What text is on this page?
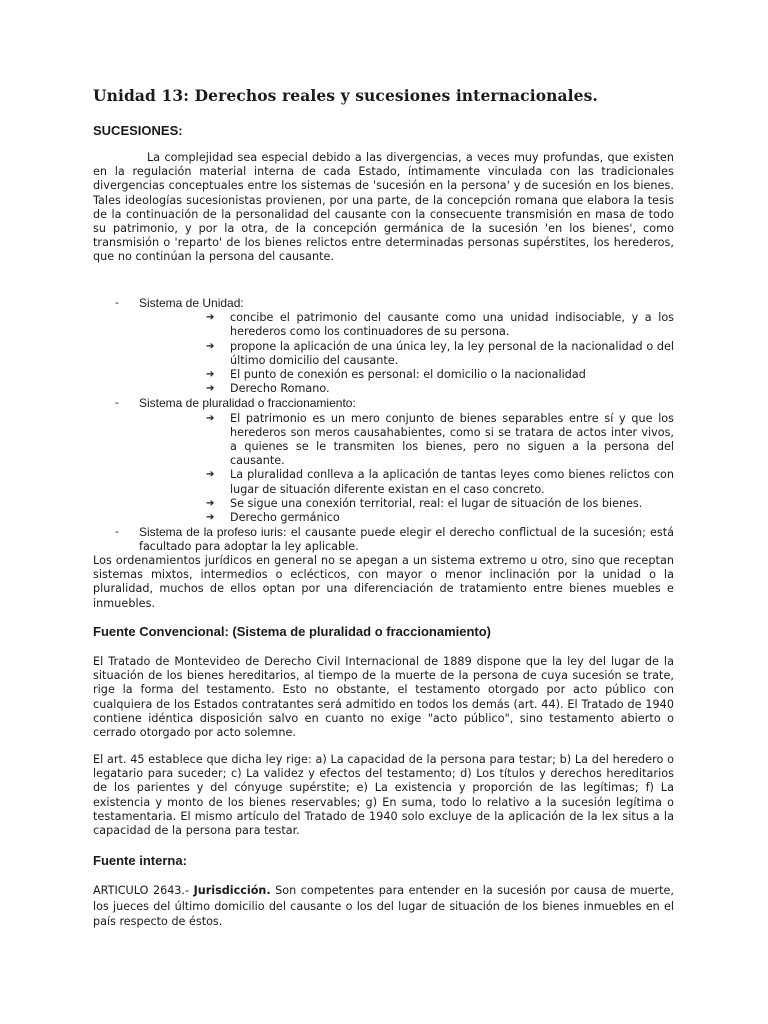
Unidad 13: Derechos reales y sucesiones internacionales.
SUCESIONES:

La complejidad sea especial debido a las divergencias, a veces muy profundas, que existen en la regulación material interna de cada Estado, íntimamente vinculada con las tradicionales divergencias conceptuales entre los sistemas de 'sucesión en la persona' y de sucesión en los bienes. Tales ideologías sucesionistas provienen, por una parte, de la concepción romana que elabora la tesis de la continuación de la personalidad del causante con la consecuente transmisión en masa de todo su patrimonio, y por la otra, de la concepción germánica de la sucesión 'en los bienes', como transmisión o 'reparto' de los bienes relictos entre determinadas personas supérstites, los herederos, que no continúan la persona del causante.

- Sistema de Unidad:
➔ concibe el patrimonio del causante como una unidad indisociable, y a los herederos como los continuadores de su persona.
➔ propone la aplicación de una única ley, la ley personal de la nacionalidad o del último domicilio del causante.
➔ El punto de conexión es personal: el domicilio o la nacionalidad
➔ Derecho Romano.
- Sistema de pluralidad o fraccionamiento:
➔ El patrimonio es un mero conjunto de bienes separables entre sí y que los herederos son meros causahabientes, como si se tratara de actos inter vivos, a quienes se le transmiten los bienes, pero no siguen a la persona del causante.
➔ La pluralidad conlleva a la aplicación de tantas leyes como bienes relictos con lugar de situación diferente existan en el caso concreto.
➔ Se sigue una conexión territorial, real: el lugar de situación de los bienes.
➔ Derecho germánico
- Sistema de la profeso iuris: el causante puede elegir el derecho conflictual de la sucesión; está facultado para adoptar la ley aplicable.

Los ordenamientos jurídicos en general no se apegan a un sistema extremo u otro, sino que receptan sistemas mixtos, intermedios o eclécticos, con mayor o menor inclinación por la unidad o la pluralidad, muchos de ellos optan por una diferenciación de tratamiento entre bienes muebles e inmuebles.

Fuente Convencional: (Sistema de pluralidad o fraccionamiento)

El Tratado de Montevideo de Derecho Civil Internacional de 1889 dispone que la ley del lugar de la situación de los bienes hereditarios, al tiempo de la muerte de la persona de cuya sucesión se trate, rige la forma del testamento. Esto no obstante, el testamento otorgado por acto público con cualquiera de los Estados contratantes será admitido en todos los demás (art. 44). El Tratado de 1940 contiene idéntica disposición salvo en cuanto no exige "acto público", sino testamento abierto o cerrado otorgado por acto solemne.

El art. 45 establece que dicha ley rige: a) La capacidad de la persona para testar; b) La del heredero o legatario para suceder; c) La validez y efectos del testamento; d) Los títulos y derechos hereditarios de los parientes y del cónyuge supérstite; e) La existencia y proporción de las legítimas; f) La existencia y monto de los bienes reservables; g) En suma, todo lo relativo a la sucesión legítima o testamentaria. El mismo artículo del Tratado de 1940 solo excluye de la aplicación de la lex situs a la capacidad de la persona para testar.

Fuente interna:

ARTICULO 2643.- Jurisdicción. Son competentes para entender en la sucesión por causa de muerte, los jueces del último domicilio del causante o los del lugar de situación de los bienes inmuebles en el país respecto de éstos.
